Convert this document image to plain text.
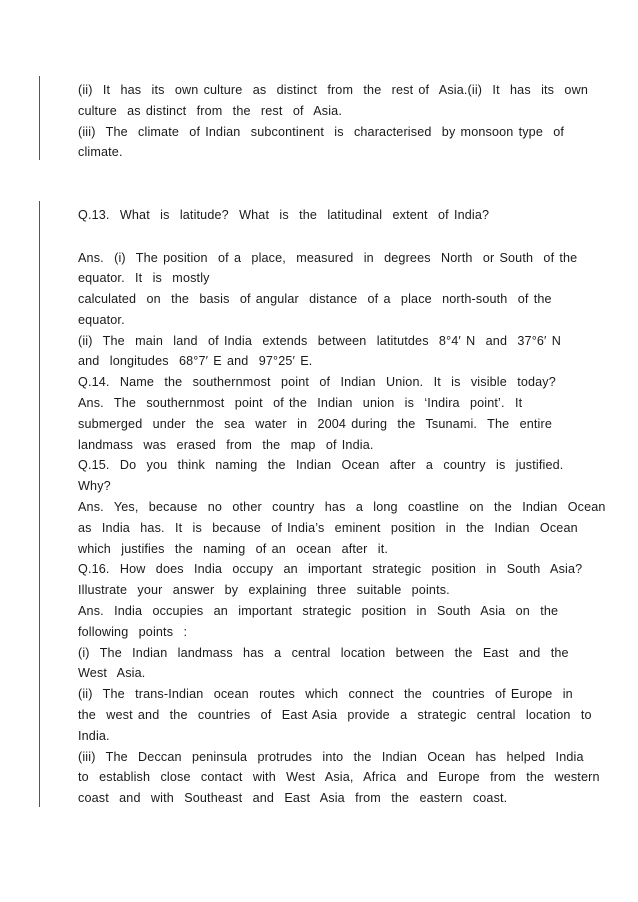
(ii)  It  has  its  own culture  as  distinct  from  the  rest of  Asia.(ii)  It  has  its  own
culture  as distinct  from  the  rest  of  Asia.
(iii)  The  climate  of Indian  subcontinent  is  characterised  by monsoon type  of
climate.
Q.13.  What  is  latitude?  What  is  the  latitudinal  extent  of India?
Ans.  (i)  The position  of a  place,  measured  in  degrees  North  or South  of the
equator.  It  is  mostly
calculated  on  the  basis  of angular  distance  of a  place  north-south  of the
equator.
(ii)  The  main  land  of India  extends  between  latitutdes  8°4′ N  and  37°6′ N
and  longitudes  68°7′ E and  97°25′ E.
Q.14.  Name  the  southernmost  point  of  Indian  Union.  It  is  visible  today?
Ans.  The  southernmost  point  of the  Indian  union  is  ‘Indira  point’.  It
submerged  under  the  sea  water  in  2004 during  the  Tsunami.  The  entire
landmass  was  erased  from  the  map  of India.
Q.15.  Do  you  think  naming  the  Indian  Ocean  after  a  country  is  justified.
Why?
Ans.  Yes,  because  no  other  country  has  a  long  coastline  on  the  Indian  Ocean
as  India  has.  It  is  because  of India’s  eminent  position  in  the  Indian  Ocean
which  justifies  the  naming  of an  ocean  after  it.
Q.16.  How  does  India  occupy  an  important  strategic  position  in  South  Asia?
Illustrate  your  answer  by  explaining  three  suitable  points.
Ans.  India  occupies  an  important  strategic  position  in  South  Asia  on  the
following  points  :
(i)  The  Indian  landmass  has  a  central  location  between  the  East  and  the
West  Asia.
(ii)  The  trans-Indian  ocean  routes  which  connect  the  countries  of Europe  in
the  west and  the  countries  of  East Asia  provide  a  strategic  central  location  to
India.
(iii)  The  Deccan  peninsula  protrudes  into  the  Indian  Ocean  has  helped  India
to  establish  close  contact  with  West  Asia,  Africa  and  Europe  from  the  western
coast  and  with  Southeast  and  East  Asia  from  the  eastern  coast.
